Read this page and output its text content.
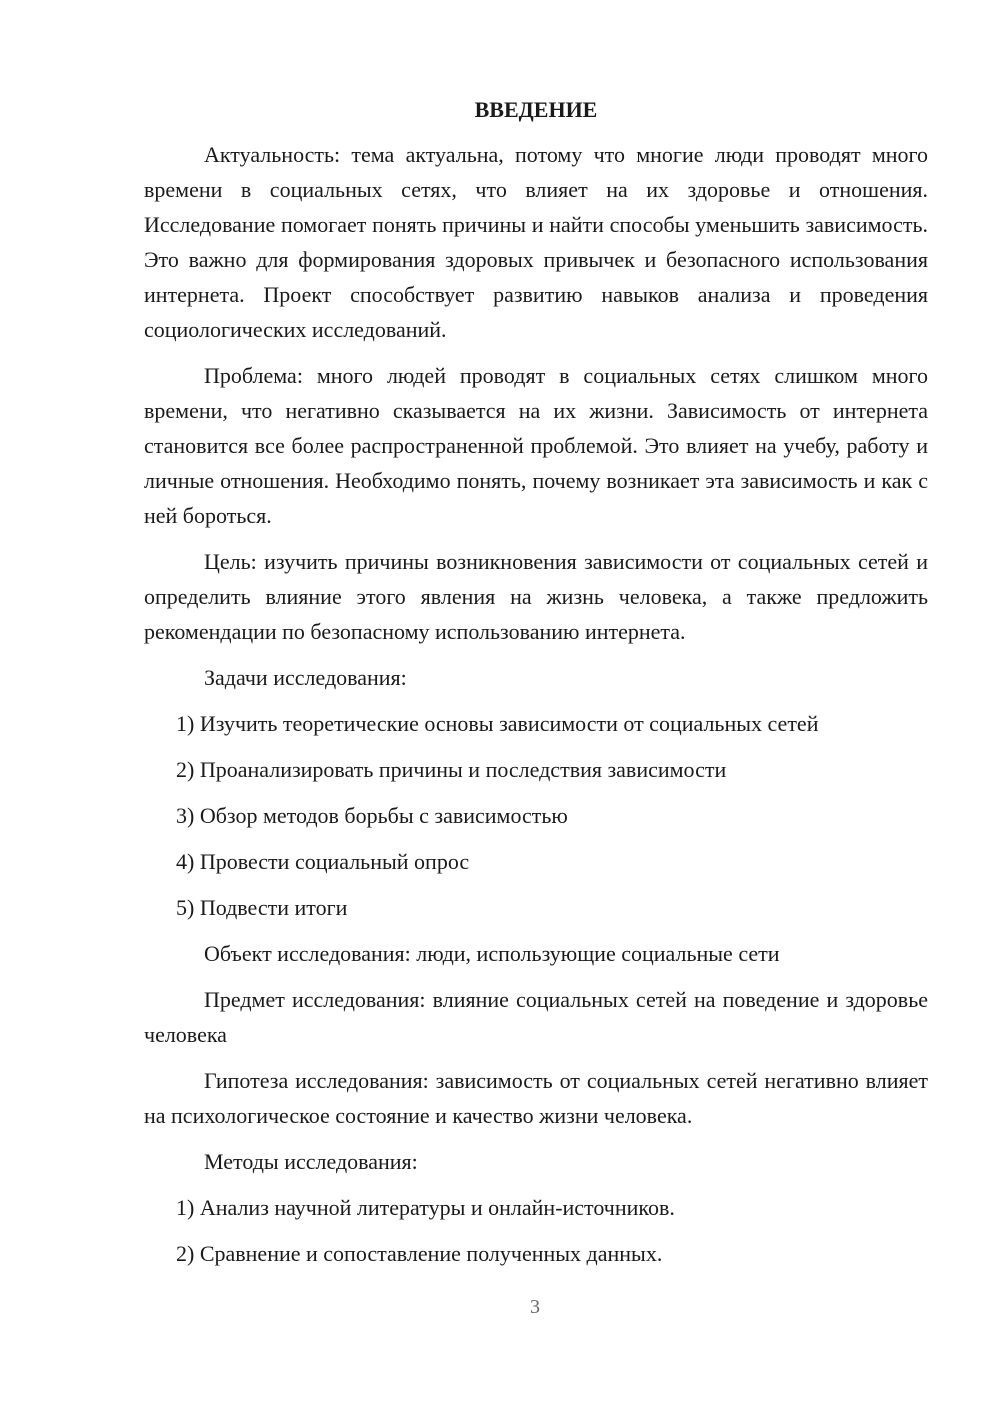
ВВЕДЕНИЕ

Актуальность: тема актуальна, потому что многие люди проводят много времени в социальных сетях, что влияет на их здоровье и отношения. Исследование помогает понять причины и найти способы уменьшить зависимость. Это важно для формирования здоровых привычек и безопасного использования интернета. Проект способствует развитию навыков анализа и проведения социологических исследований.

Проблема: много людей проводят в социальных сетях слишком много времени, что негативно сказывается на их жизни. Зависимость от интернета становится все более распространенной проблемой. Это влияет на учебу, работу и личные отношения. Необходимо понять, почему возникает эта зависимость и как с ней бороться.

Цель: изучить причины возникновения зависимости от социальных сетей и определить влияние этого явления на жизнь человека, а также предложить рекомендации по безопасному использованию интернета.

Задачи исследования:

1) Изучить теоретические основы зависимости от социальных сетей
2) Проанализировать причины и последствия зависимости
3) Обзор методов борьбы с зависимостью
4) Провести социальный опрос
5) Подвести итоги

Объект исследования: люди, использующие социальные сети

Предмет исследования: влияние социальных сетей на поведение и здоровье человека

Гипотеза исследования: зависимость от социальных сетей негативно влияет на психологическое состояние и качество жизни человека.

Методы исследования:

1) Анализ научной литературы и онлайн-источников.
2) Сравнение и сопоставление полученных данных.
3
